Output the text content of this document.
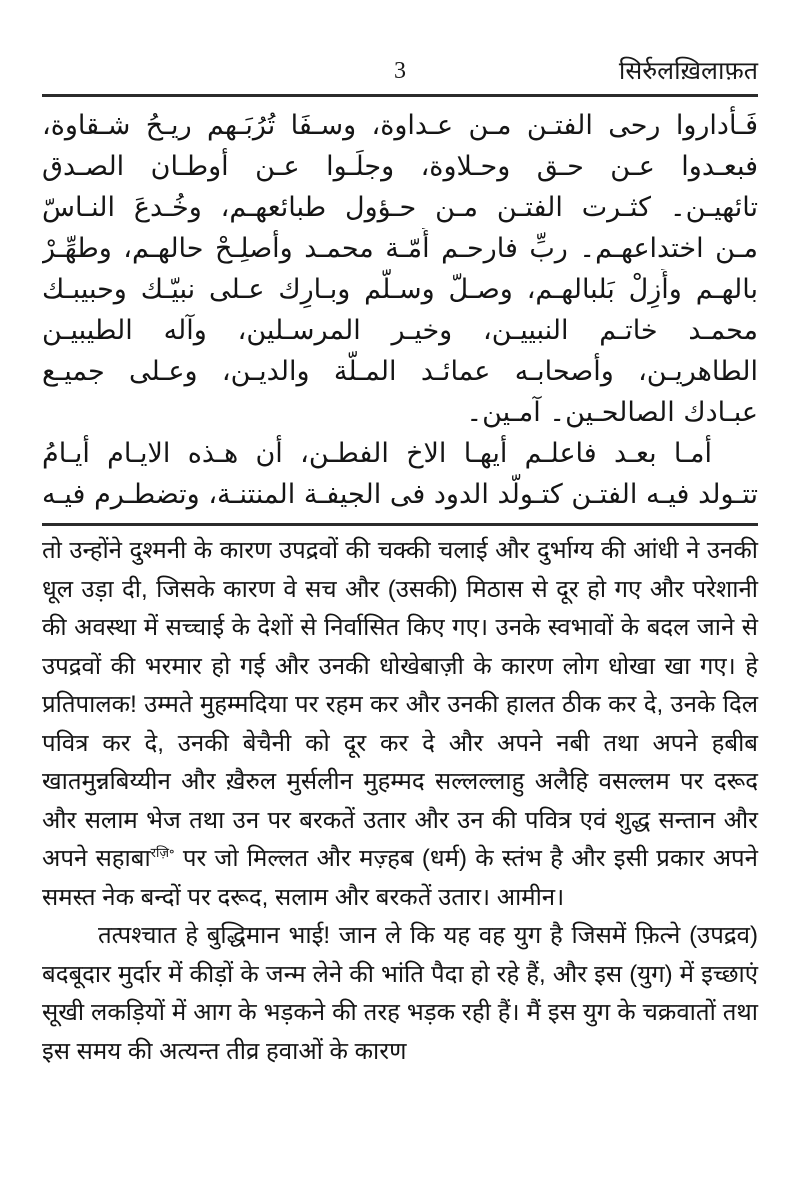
3	सिर्रुलख़िलाफ़त
فَـأداروا رحى الفتـن مـن عـداوة، وسـفَا تُرُبَـهم ريـحُ شـقاوة،
فبعـدوا عـن حـق وحـلاوة، وجلَـوا عـن أوطـان الصـدق
تائهيـن۔ كثـرت الفتـن مـن حـؤول طبائعهـم، وخُـدعَ النـاسّ
مـن اختداعهـم۔ ربِّ فارحـم أُمّـة محمـد وأصلِـحْ حالهـم، وطهِّـرْ
بالهـم وأَزِلْ بَلبالهـم، وصـلّ وسـلّم وبـارِك عـلى نبيّـك وحبيبـك
محمـد خاتـم النبييـن، وخيـر المرسـلين، وآله الطيبيـن
الطاهريـن، وأصحابـه عمائـد المـلّة والديـن، وعـلى جميـع
عبـادك الصالحـين۔ آمـين۔
أمـا بعـد فاعلـم أيهـا الاخ الفطـن، أن هـذه الايـام أيـامُ
تتـولد فيـه الفتـن كتـولّد الدود فى الجيفـة المنتنـة، وتضطـرم فيـه

तो उन्होंने दुश्मनी के कारण उपद्रवों की चक्की चलाई और दुर्भाग्य की आंधी ने उनकी धूल उड़ा दी, जिसके कारण वे सच और (उसकी) मिठास से दूर हो गए और परेशानी की अवस्था में सच्चाई के देशों से निर्वासित किए गए। उनके स्वभावों के बदल जाने से उपद्रवों की भरमार हो गई और उनकी धोखेबाज़ी के कारण लोग धोखा खा गए। हे प्रतिपालक! उम्मते मुहम्मदिया पर रहम कर और उनकी हालत ठीक कर दे, उनके दिल पवित्र कर दे, उनकी बेचैनी को दूर कर दे और अपने नबी तथा अपने हबीब खातमुन्नबिय्यीन और ख़ैरुल मुर्सलीन मुहम्मद सल्लल्लाहु अलैहि वसल्लम पर दरूद और सलाम भेज तथा उन पर बरकतें उतार और उन की पवित्र एवं शुद्ध सन्तान और अपने सहाबा$^{रज़ि॰}$ पर जो मिल्लत और मज़्हब (धर्म) के स्तंभ है और इसी प्रकार अपने समस्त नेक बन्दों पर दरूद, सलाम और बरकतें उतार। आमीन।

तत्पश्चात हे बुद्धिमान भाई! जान ले कि यह वह युग है जिसमें फ़ित्ने (उपद्रव) बदबूदार मुर्दार में कीड़ों के जन्म लेने की भांति पैदा हो रहे हैं, और इस (युग) में इच्छाएं सूखी लकड़ियों में आग के भड़कने की तरह भड़क रही हैं। मैं इस युग के चक्रवातों तथा इस समय की अत्यन्त तीव्र हवाओं के कारण
